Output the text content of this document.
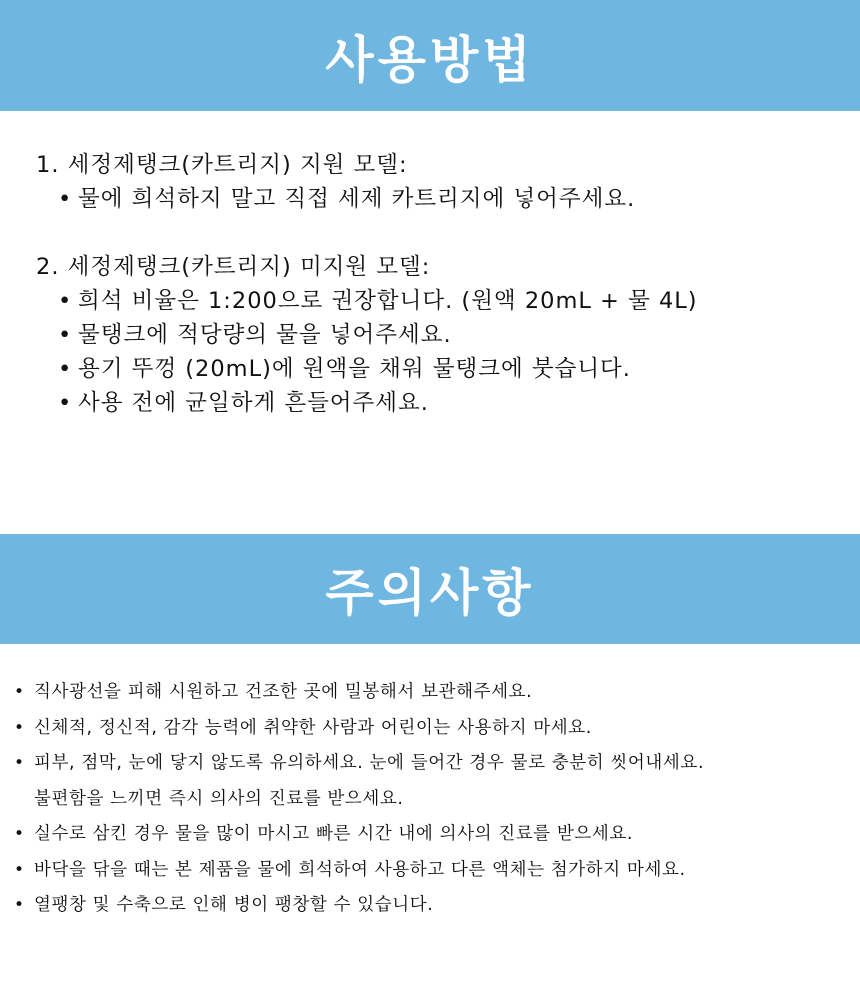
사용방법

1. 세정제탱크(카트리지) 지원 모델:

• 물에 희석하지 말고 직접 세제 카트리지에 넣어주세요.

2. 세정제탱크(카트리지) 미지원 모델:

• 희석 비율은 1:200으로 권장합니다. (원액 20mL + 물 4L)
• 물탱크에 적당량의 물을 넣어주세요.
• 용기 뚜껑 (20mL)에 원액을 채워 물탱크에 붓습니다.
• 사용 전에 균일하게 흔들어주세요.
주의사항
• 직사광선을 피해 시원하고 건조한 곳에 밀봉해서 보관해주세요.
• 신체적, 정신적, 감각 능력에 취약한 사람과 어린이는 사용하지 마세요.
• 피부, 점막, 눈에 닿지 않도록 유의하세요. 눈에 들어간 경우 물로 충분히 씻어내세요.
불편함을 느끼면 즉시 의사의 진료를 받으세요.
• 실수로 삼킨 경우 물을 많이 마시고 빠른 시간 내에 의사의 진료를 받으세요.
• 바닥을 닦을 때는 본 제품을 물에 희석하여 사용하고 다른 액체는 첨가하지 마세요.
• 열팽창 및 수축으로 인해 병이 팽창할 수 있습니다.
